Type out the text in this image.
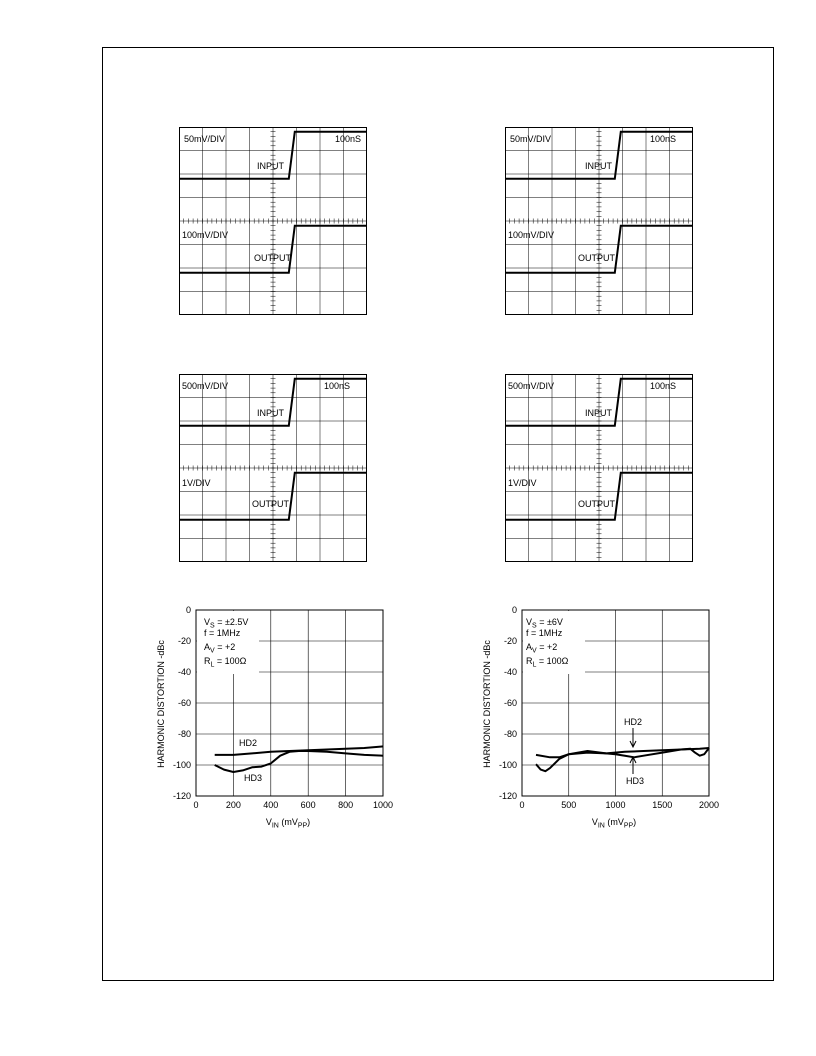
50mV/DIV	100nS
INPUT
100mV/DIV
OUTPUT
50mV/DIV	100nS
INPUT
100mV/DIV
OUTPUT
500mV/DIV	100nS
INPUT
1V/DIV
OUTPUT
500mV/DIV	100nS
INPUT
1V/DIV
OUTPUT
HARMONIC DISTORTION -dBc
$V_S = \pm 2.5V$
f = 1MHz
$A_V = +2$
$R_L = 100\Omega$
$V_{IN}$ $(mV_{PP})$
HD2
HD3
0	200 400 600 800 1000
0
-20
-40
-60
-80
-100
-120
HARMONIC DISTORTION -dBc
$V_S = \pm 6V$
f = 1MHz
$A_V = +2$
$R_L = 100\Omega$
$V_{IN}$ $(mV_{PP})$
HD2
HD3
0	500	1000	1500	2000
0
-20
-40
-60
-80
-100
-120
